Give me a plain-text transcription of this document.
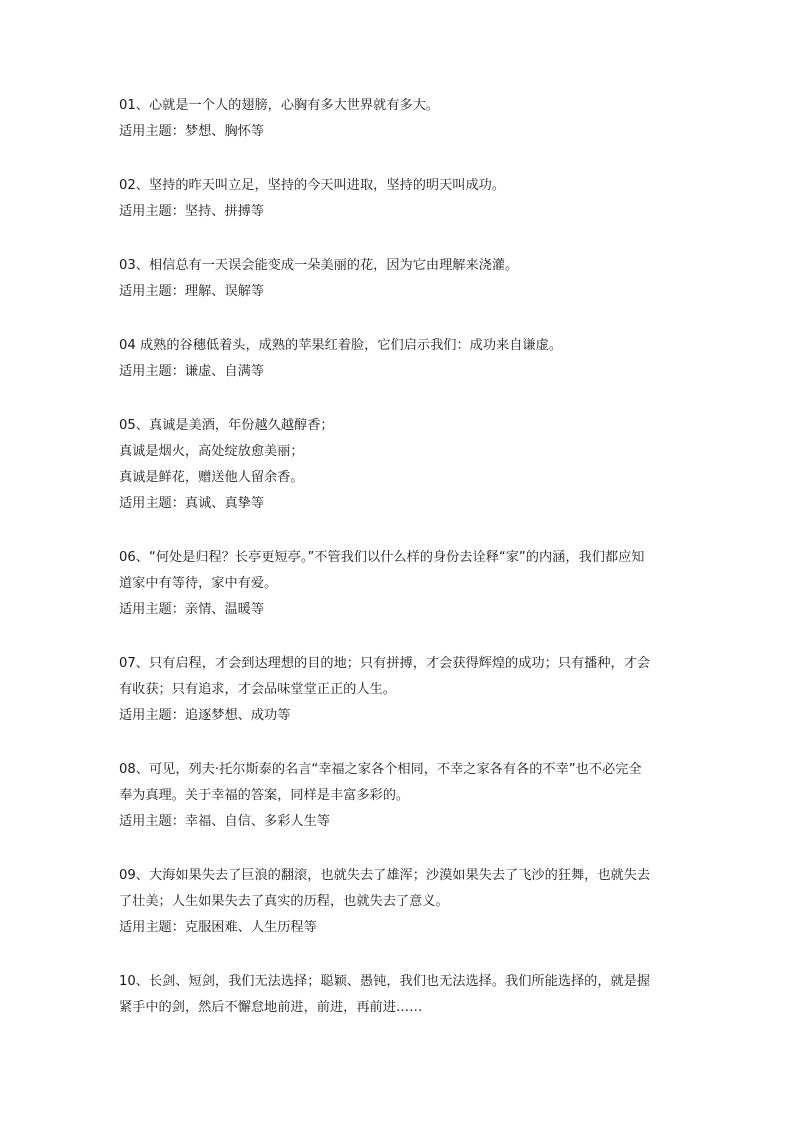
01、心就是一个人的翅膀，心胸有多大世界就有多大。
适用主题：梦想、胸怀等
02、坚持的昨天叫立足，坚持的今天叫进取，坚持的明天叫成功。
适用主题：坚持、拼搏等
03、相信总有一天误会能变成一朵美丽的花，因为它由理解来浇灌。
适用主题：理解、误解等
04 成熟的谷穗低着头，成熟的苹果红着脸，它们启示我们：成功来自谦虚。
适用主题：谦虚、自满等
05、真诚是美酒，年份越久越醇香；
真诚是烟火，高处绽放愈美丽；
真诚是鲜花，赠送他人留余香。
适用主题：真诚、真挚等
06、“何处是归程？长亭更短亭。”不管我们以什么样的身份去诠释“家”的内涵，我们都应知
道家中有等待，家中有爱。
适用主题：亲情、温暖等
07、只有启程，才会到达理想的目的地；只有拼搏，才会获得辉煌的成功；只有播种，才会
有收获；只有追求，才会品味堂堂正正的人生。
适用主题：追逐梦想、成功等
08、可见，列夫·托尔斯泰的名言“幸福之家各个相同，不幸之家各有各的不幸”也不必完全
奉为真理。关于幸福的答案，同样是丰富多彩的。
适用主题：幸福、自信、多彩人生等
09、大海如果失去了巨浪的翻滚，也就失去了雄浑；沙漠如果失去了飞沙的狂舞，也就失去
了壮美；人生如果失去了真实的历程，也就失去了意义。
适用主题：克服困难、人生历程等
10、长剑、短剑，我们无法选择；聪颖、愚钝，我们也无法选择。我们所能选择的，就是握
紧手中的剑，然后不懈怠地前进，前进，再前进……
